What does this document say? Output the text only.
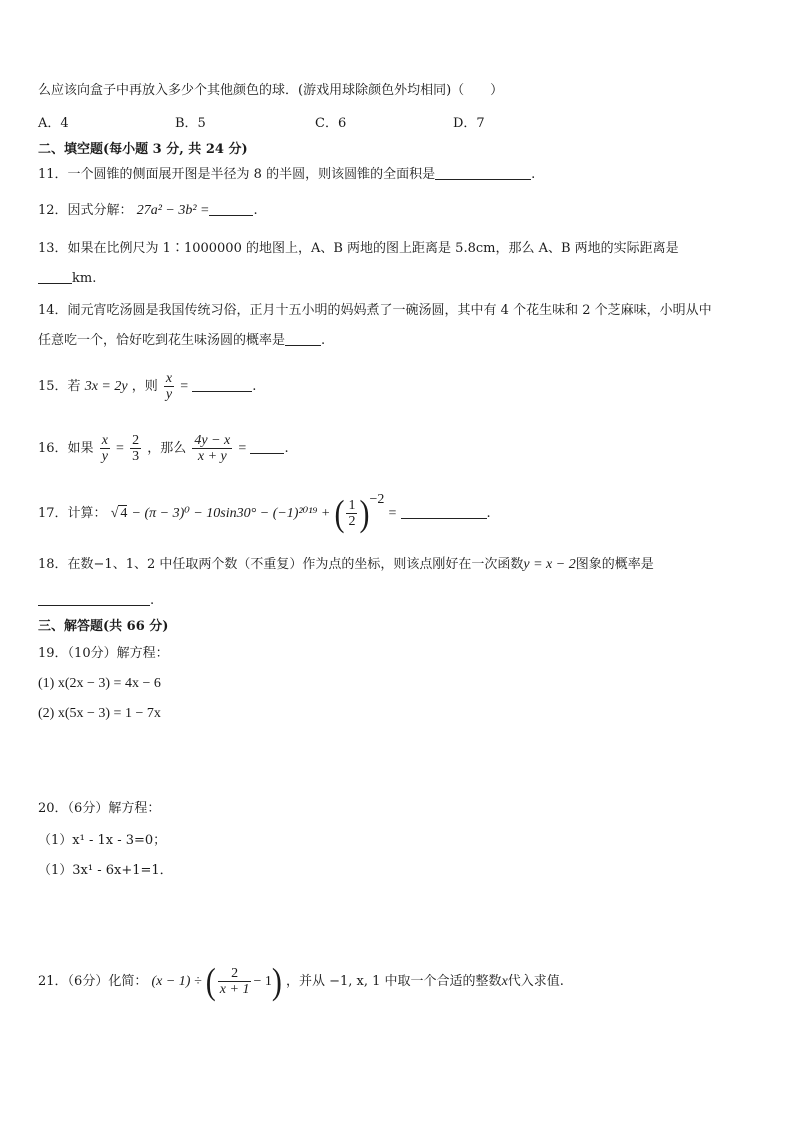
么应该向盒子中再放入多少个其他颜色的球．(游戏用球除颜色外均相同)（　　）
A．4	B．5	C．6	D．7
二、填空题(每小题 3 分, 共 24 分)
11．一个圆锥的侧面展开图是半径为 8 的半圆，则该圆锥的全面积是	.
12．因式分解： 27a² − 3b² =	.
13．如果在比例尺为 1∶1000000 的地图上，A、B 两地的图上距离是 5.8cm，那么 A、B 两地的实际距离是
km.
14．闹元宵吃汤圆是我国传统习俗，正月十五小明的妈妈煮了一碗汤圆，其中有 4 个花生味和 2 个芝麻味，小明从中
任意吃一个，恰好吃到花生味汤圆的概率是	.
15．若 3x = 2y ，则 $\frac{x}{y}$ =	.
16．如果 $\frac{x}{y} = \frac{2}{3}$ ，那么 $\frac{4y - x}{x + y}$ =	.
17．计算： √ 4 − (π − 3)⁰ − 10sin30° − (−1)²⁰¹⁹ + ( $\frac{1}{2} )^{-2}$ =	.
18．在数−1、1、2 中任取两个数（不重复）作为点的坐标，则该点刚好在一次函数y = x − 2图象的概率是
.
三、解答题(共 66 分)
19．（10分）解方程：
(1) x(2x − 3) = 4x − 6
(2) x(5x − 3) = 1 − 7x
20．（6分）解方程：
（1）x¹ - 1x - 3=0；
（1）3x¹ - 6x+1=1．
21．（6分）化简： (x − 1) ÷ ( $\frac{2}{x + 1} - 1$) ，并从 −1, x, 1 中取一个合适的整数x代入求值.
